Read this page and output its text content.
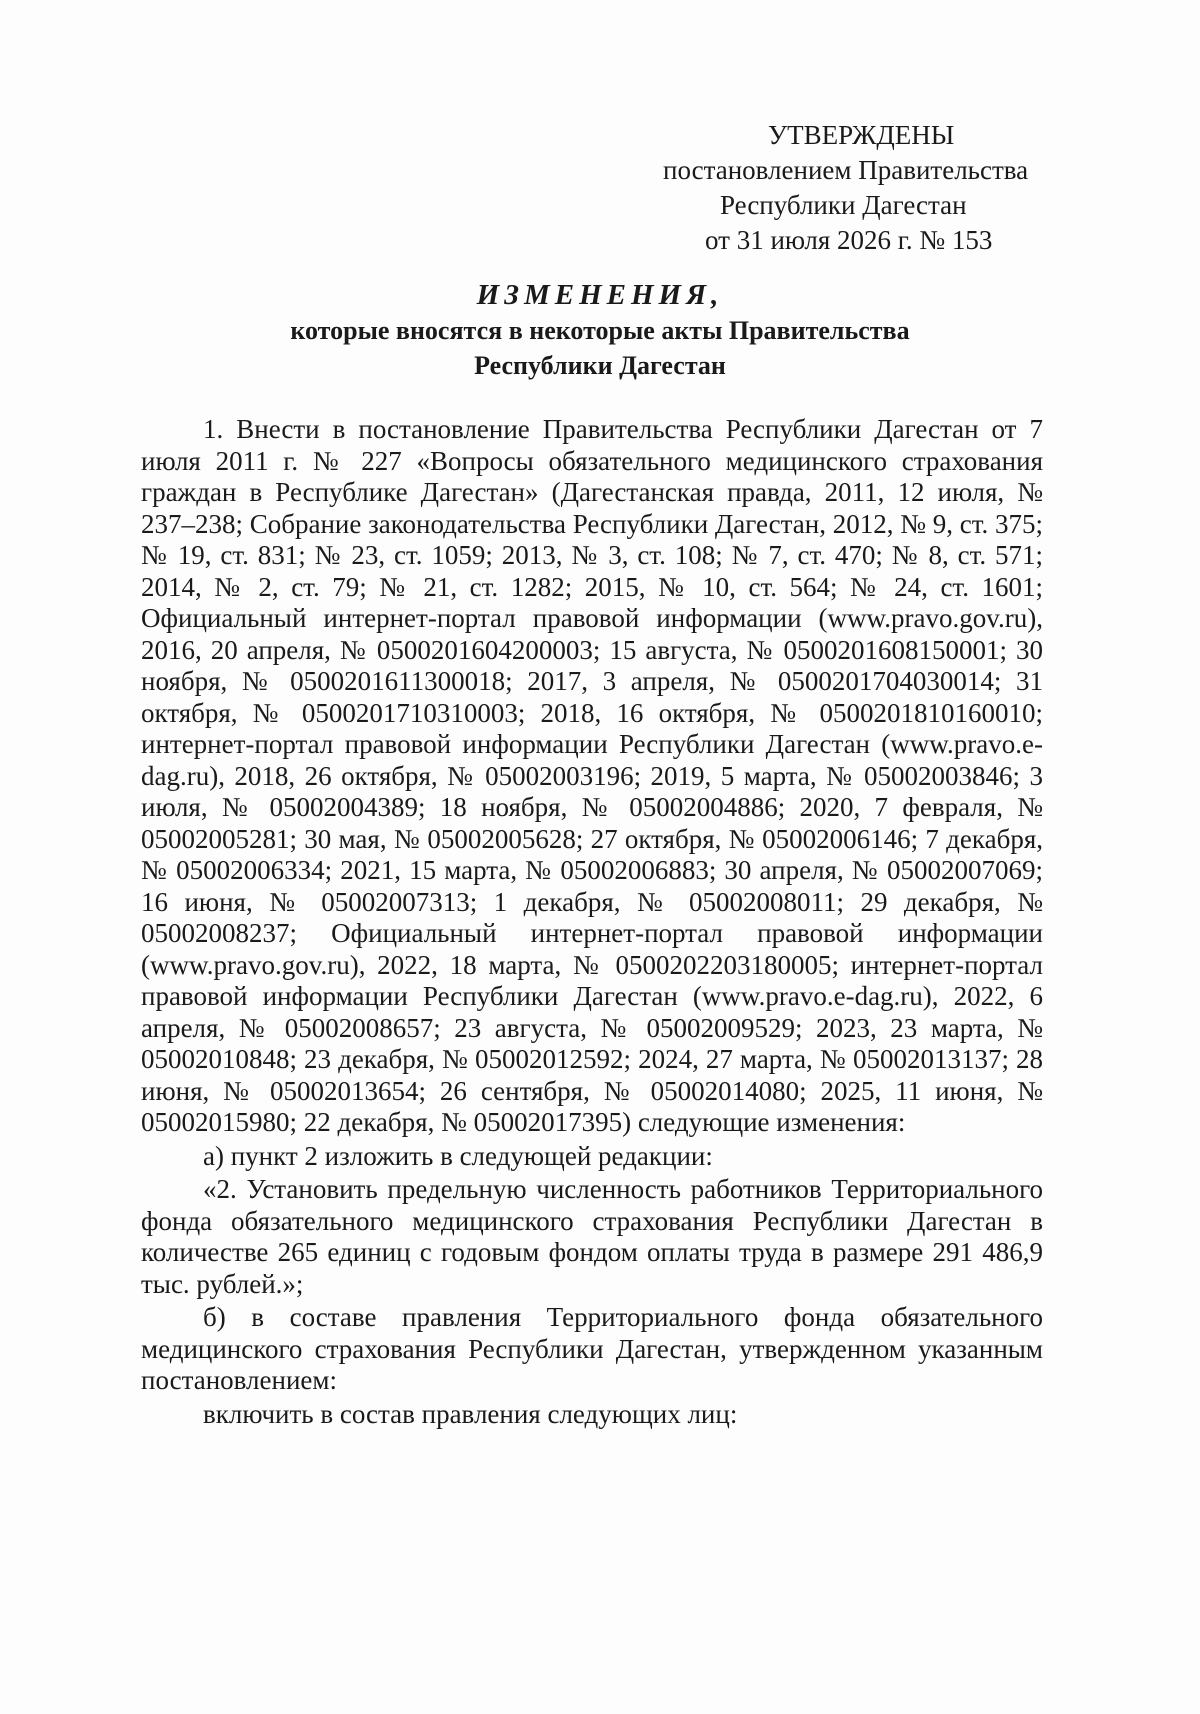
УТВЕРЖДЕНЫ
постановлением Правительства
Республики Дагестан
от 31 июля 2026 г. № 153
ИЗМЕНЕНИЯ,
которые вносятся в некоторые акты Правительства
Республики Дагестан

1. Внести в постановление Правительства Республики Дагестан от 7 июля 2011 г. № 227 «Вопросы обязательного медицинского страхования граждан в Республике Дагестан» (Дагестанская правда, 2011, 12 июля, № 237–238; Собрание законодательства Республики Дагестан, 2012, № 9, ст. 375; № 19, ст. 831; № 23, ст. 1059; 2013, № 3, ст. 108; № 7, ст. 470; № 8, ст. 571; 2014, № 2, ст. 79; № 21, ст. 1282; 2015, № 10, ст. 564; № 24, ст. 1601; Официальный интернет-портал правовой информации (www.pravo.gov.ru), 2016, 20 апреля, № 0500201604200003; 15 августа, № 0500201608150001; 30 ноября, № 0500201611300018; 2017, 3 апреля, № 0500201704030014; 31 октября, № 0500201710310003; 2018, 16 октября, № 0500201810160010; интернет-портал правовой информации Республики Дагестан (www.pravo.e-dag.ru), 2018, 26 октября, № 05002003196; 2019, 5 марта, № 05002003846; 3 июля, № 05002004389; 18 ноября, № 05002004886; 2020, 7 февраля, № 05002005281; 30 мая, № 05002005628; 27 октября, № 05002006146; 7 декабря, № 05002006334; 2021, 15 марта, № 05002006883; 30 апреля, № 05002007069; 16 июня, № 05002007313; 1 декабря, № 05002008011; 29 декабря, № 05002008237; Официальный интернет-портал правовой информации (www.pravo.gov.ru), 2022, 18 марта, № 0500202203180005; интернет-портал правовой информации Республики Дагестан (www.pravo.e-dag.ru), 2022, 6 апреля, № 05002008657; 23 августа, № 05002009529; 2023, 23 марта, № 05002010848; 23 декабря, № 05002012592; 2024, 27 марта, № 05002013137; 28 июня, № 05002013654; 26 сентября, № 05002014080; 2025, 11 июня, № 05002015980; 22 декабря, № 05002017395) следующие изменения:

а) пункт 2 изложить в следующей редакции:

«2. Установить предельную численность работников Территориального фонда обязательного медицинского страхования Республики Дагестан в количестве 265 единиц с годовым фондом оплаты труда в размере 291 486,9 тыс. рублей.»;

б) в составе правления Территориального фонда обязательного медицинского страхования Республики Дагестан, утвержденном указанным постановлением:

включить в состав правления следующих лиц:
